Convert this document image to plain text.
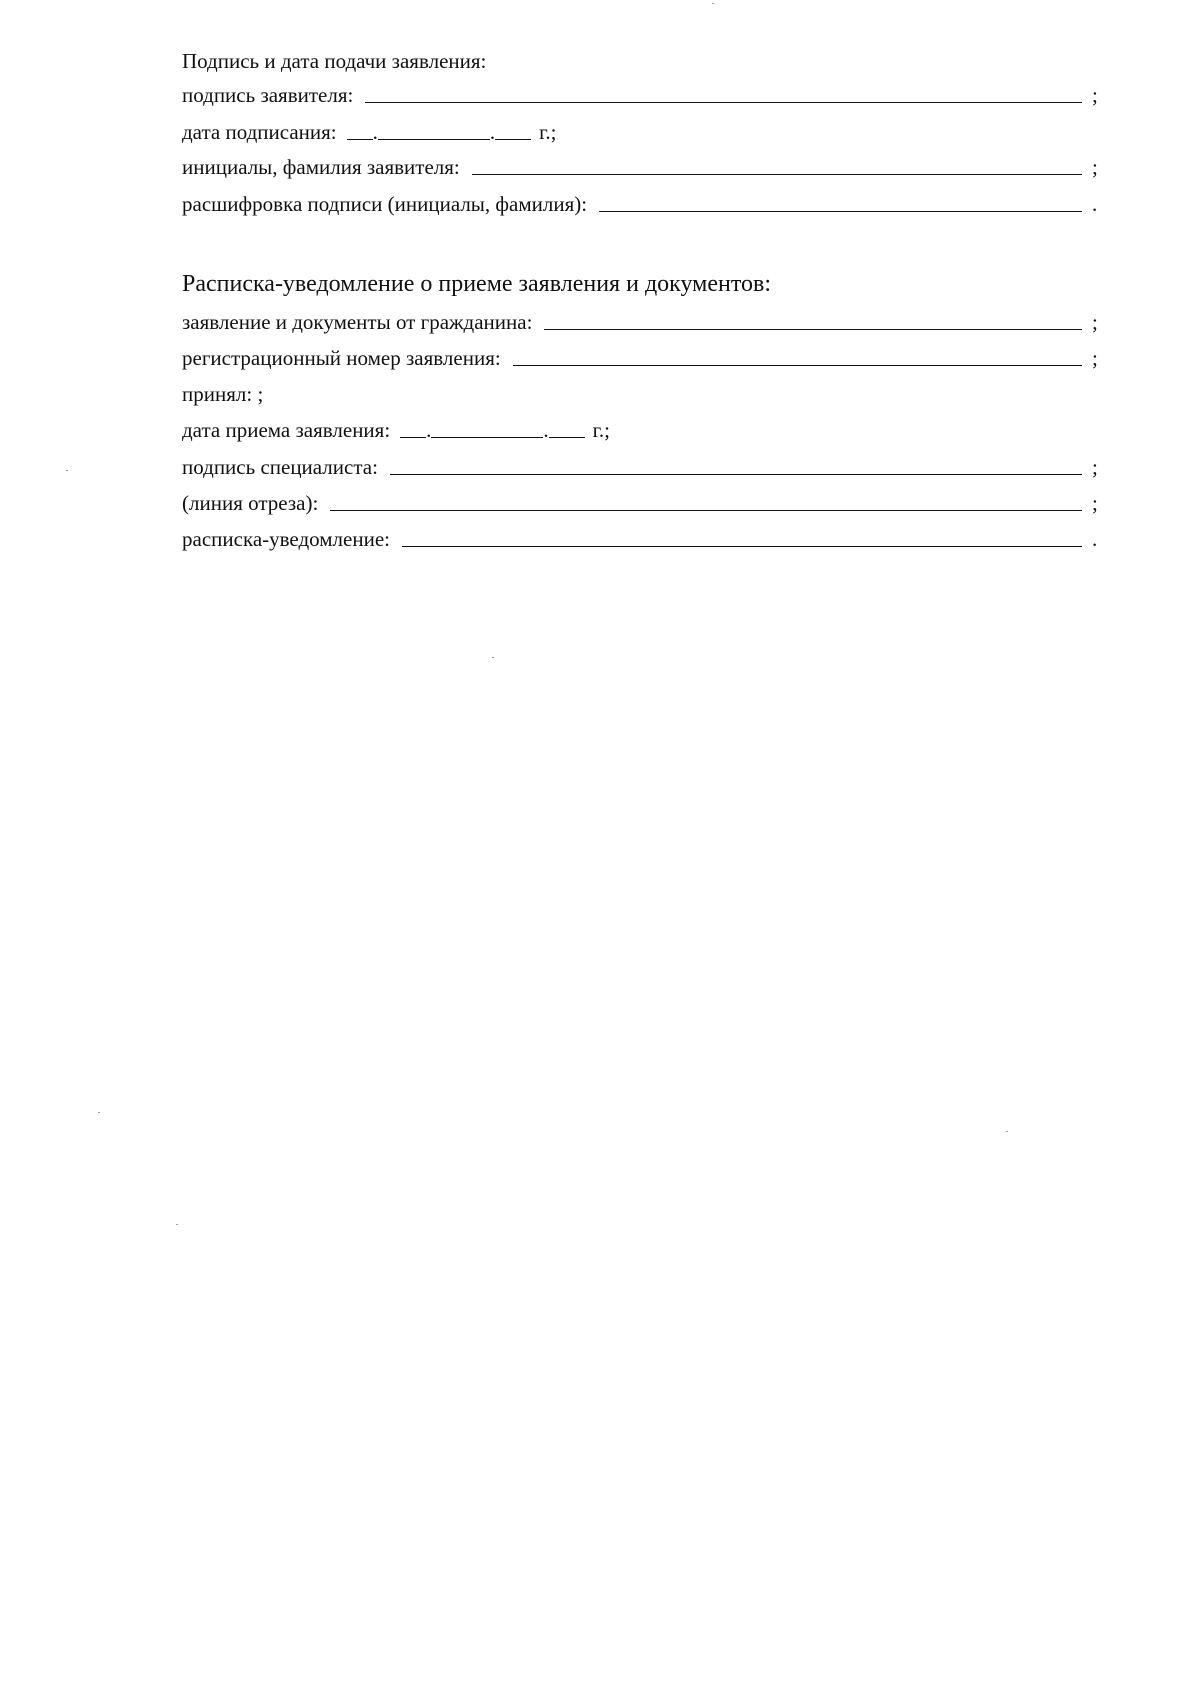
Подпись и дата подачи заявления:
подпись заявителя:	;
дата подписания: .	. г.;
инициалы, фамилия заявителя:	;
расшифровка подписи (инициалы, фамилия):	.
Расписка-уведомление о приеме заявления и документов:
заявление и документы от гражданина:	;
регистрационный номер заявления:	;
принял: ;
дата приема заявления: .	. г.;
подпись специалиста:	;
(линия отреза):	;
расписка-уведомление:	.
